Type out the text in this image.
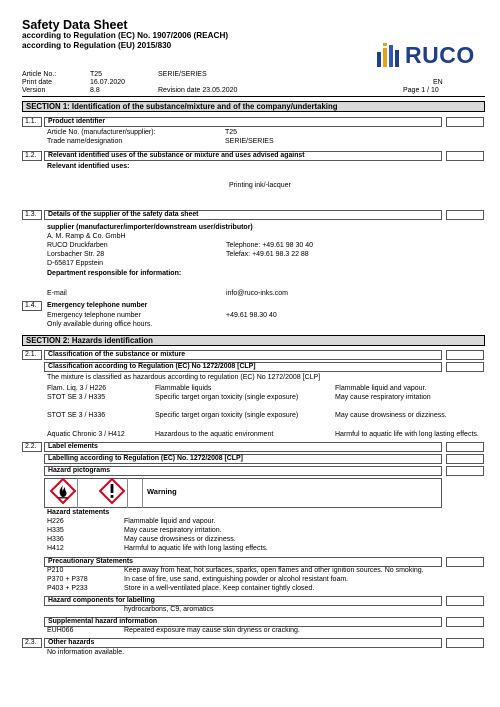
Safety Data Sheet
according to Regulation (EC) No. 1907/2006 (REACH)
according to Regulation (EU) 2015/830	RUCO
Article No.:	T25	SERIE/SERIES
Print date	16.07.2020	EN
Version	8.8	Revision date 23.05.2020	Page 1 / 10
SECTION 1: Identification of the substance/mixture and of the company/undertaking
1.1.	Product identifier
Article No. (manufacturer/supplier):	T25
Trade name/designation	SERIE/SERIES
1.2.	Relevant identified uses of the substance or mixture and uses advised against
Relevant identified uses:
Printing ink/-lacquer
1.3.	Details of the supplier of the safety data sheet
supplier (manufacturer/importer/downstream user/distributor)
A. M. Ramp & Co. GmbH
RUCO Druckfarben	Telephone: +49.61 98 30 40
Lorsbacher Str. 28	Telefax: +49.61 98.3 22 88
D-65817 Eppstein
Department responsible for information:
E-mail	info@ruco-inks.com
1.4.	Emergency telephone number
Emergency telephone number	+49.61 98.30 40
Only available during office hours.
SECTION 2: Hazards identification
2.1.	Classification of the substance or mixture
Classification according to Regulation (EC) No 1272/2008 [CLP]
The mixture is classified as hazardous according to regulation (EC) No 1272/2008 [CLP]
Flam. Liq. 3 / H226	Flammable liquids	Flammable liquid and vapour.
STOT SE 3 / H335	Specific target organ toxicity (single exposure)	May cause respiratory irritation
STOT SE 3 / H336	Specific target organ toxicity (single exposure)	May cause drowsiness or dizziness.
Aquatic Chronic 3 / H412	Hazardous to the aquatic environment	Harmful to aquatic life with long lasting effects.
2.2.	Label elements
Labelling according to Regulation (EC) No. 1272/2008 [CLP]
Hazard pictograms
Warning
Hazard statements
H226	Flammable liquid and vapour.
H335	May cause respiratory irritation.
H336	May cause drowsiness or dizziness.
H412	Harmful to aquatic life with long lasting effects.
Precautionary Statements
P210	Keep away from heat, hot surfaces, sparks, open flames and other ignition sources. No smoking.
P370 + P378	In case of fire, use sand, extinguishing powder or alcohol resistant foam.
P403 + P233	Store in a well-ventilated place. Keep container tightly closed.
Hazard components for labelling
hydrocarbons, C9, aromatics
Supplemental hazard information
EUH066	Repeated exposure may cause skin dryness or cracking.
2.3.	Other hazards
No information available.
